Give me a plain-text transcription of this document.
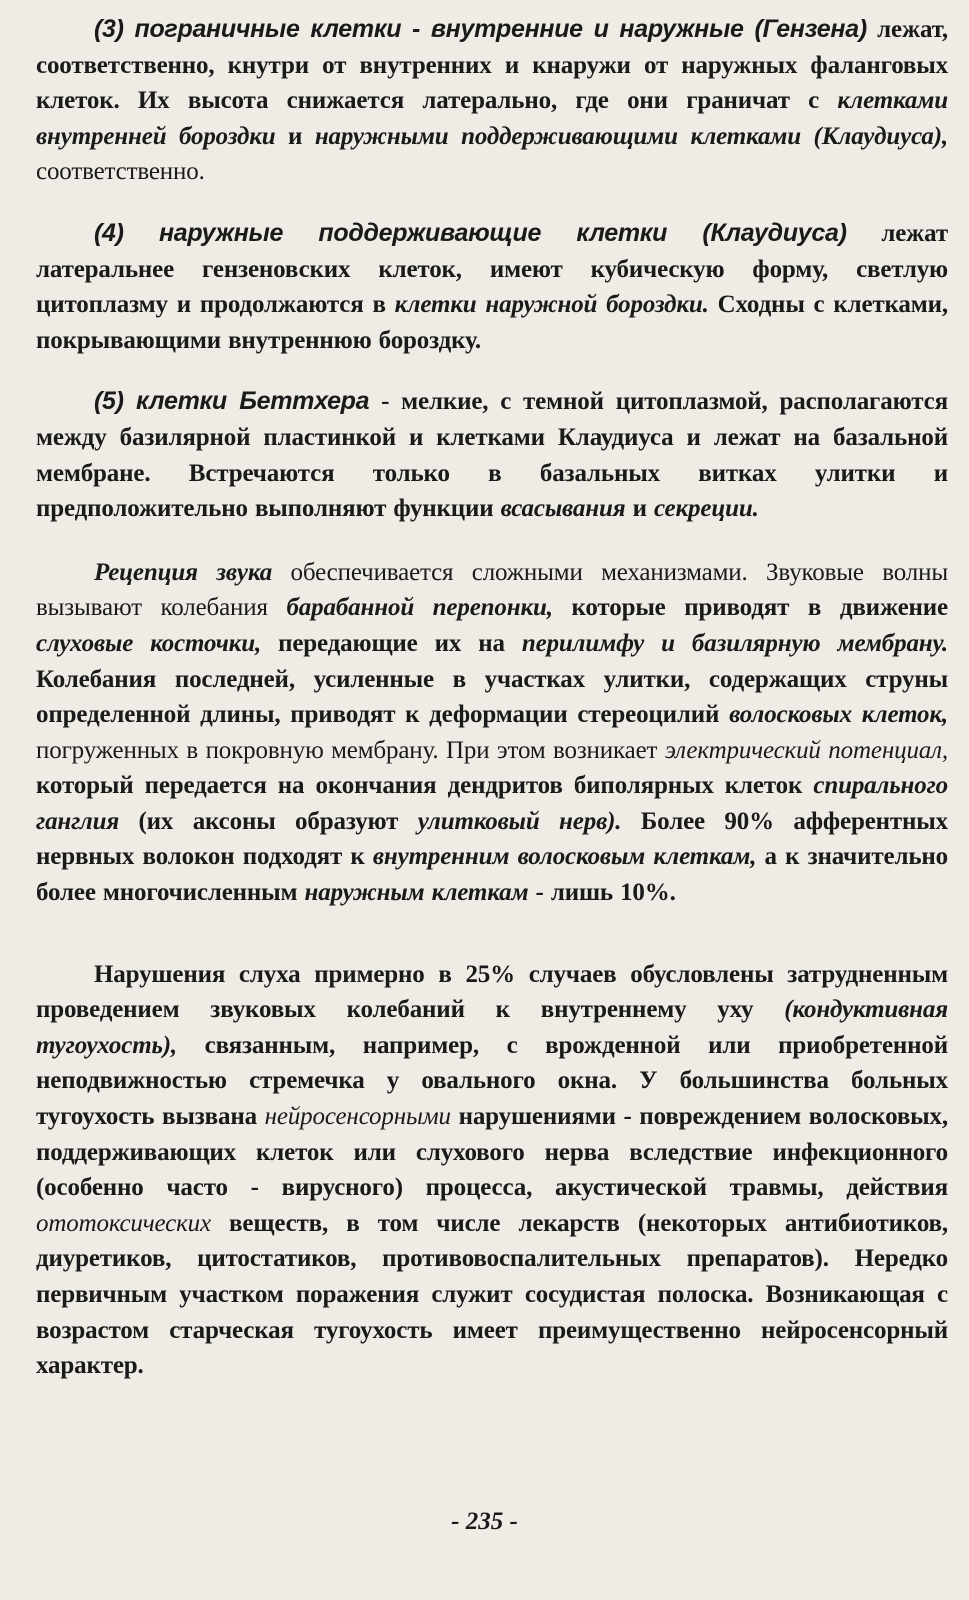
(3) пограничные клетки - внутренние и наружные (Гензена) лежат, соответственно, кнутри от внутренних и кнаружи от наружных фаланговых клеток. Их высота снижается латерально, где они граничат с клетками внутренней бороздки и наружными поддерживающими клетками (Клаудиуса), соответственно.

(4) наружные поддерживающие клетки (Клаудиуса) лежат латеральнее гензеновских клеток, имеют кубическую форму, светлую цитоплазму и продолжаются в клетки наружной бороздки. Сходны с клетками, покрывающими внутреннюю бороздку.

(5) клетки Беттхера - мелкие, с темной цитоплазмой, располагаются между базилярной пластинкой и клетками Клаудиуса и лежат на базальной мембране. Встречаются только в базальных витках улитки и предположительно выполняют функции всасывания и секреции.

Рецепция звука обеспечивается сложными механизмами. Звуковые волны вызывают колебания барабанной перепонки, которые приводят в движение слуховые косточки, передающие их на перилимфу и базилярную мембрану. Колебания последней, усиленные в участках улитки, содержащих струны определенной длины, приводят к деформации стереоцилий волосковых клеток, погруженных в покровную мембрану. При этом возникает электрический потенциал, который передается на окончания дендритов биполярных клеток спирального ганглия (их аксоны образуют улитковый нерв). Более 90% афферентных нервных волокон подходят к внутренним волосковым клеткам, а к значительно более многочисленным наружным клеткам - лишь 10%.

Нарушения слуха примерно в 25% случаев обусловлены затрудненным проведением звуковых колебаний к внутреннему уху (кондуктивная тугоухость), связанным, например, с врожденной или приобретенной неподвижностью стремечка у овального окна. У большинства больных тугоухость вызвана нейросенсорными нарушениями - повреждением волосковых, поддерживающих клеток или слухового нерва вследствие инфекционного (особенно часто - вирусного) процесса, акустической травмы, действия ототоксических веществ, в том числе лекарств (некоторых антибиотиков, диуретиков, цитостатиков, противовоспалительных препаратов). Нередко первичным участком поражения служит сосудистая полоска. Возникающая с возрастом старческая тугоухость имеет преимущественно нейросенсорный характер.

- 235 -
